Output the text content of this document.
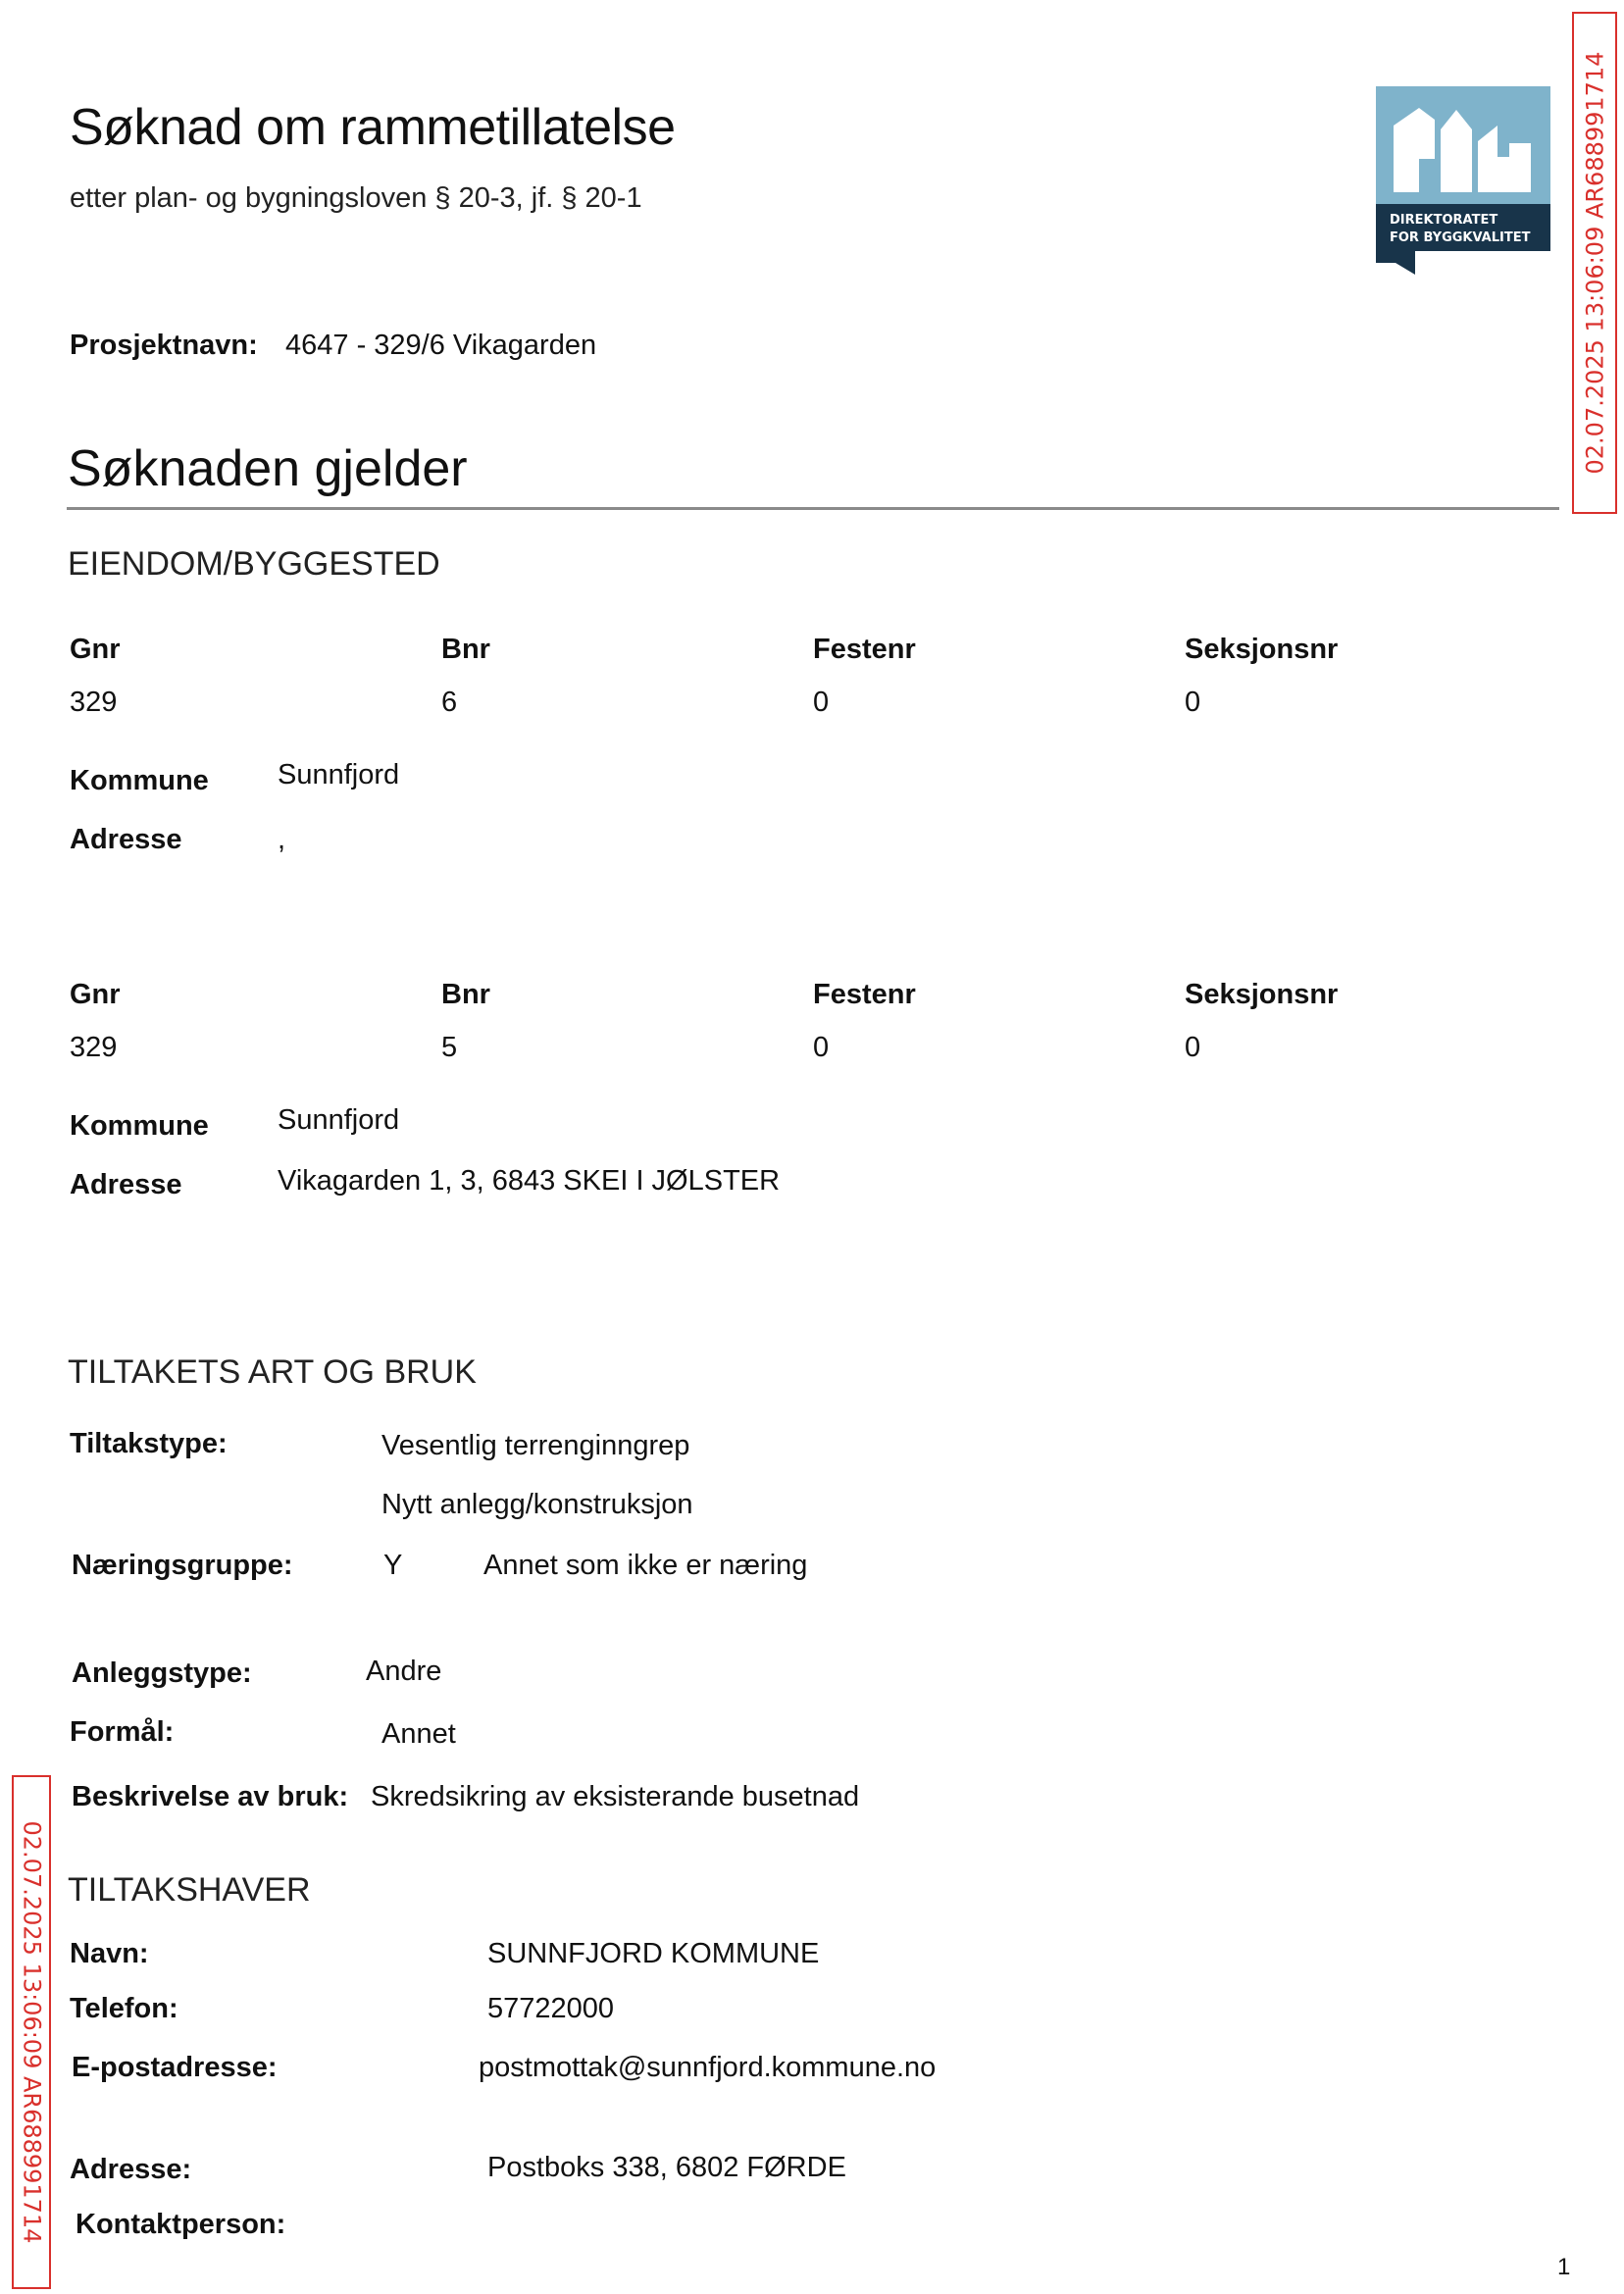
Søknad om rammetillatelse
etter plan- og bygningsloven § 20-3, jf. § 20-1
DIREKTORATET
FOR BYGGKVALITET 02.07.2025 13:06:09 AR688991714
02.07.2025 13:06:09 AR688991714
Prosjektnavn: 4647 - 329/6 Vikagarden
Søknaden gjelder
EIENDOM/BYGGESTED
Gnr	Bnr	Festenr	Seksjonsnr
329	6	0	0
Kommune Sunnfjord
Adresse	,
Gnr	Bnr	Festenr	Seksjonsnr
329	5	0	0
Kommune Sunnfjord
Adresse	Vikagarden 1, 3, 6843 SKEI I JØLSTER
TILTAKETS ART OG BRUK
Tiltakstype:	Vesentlig terrenginngrep
Nytt anlegg/konstruksjon
Næringsgruppe:	Y	Annet som ikke er næring
Anleggstype:	Andre
Formål:	Annet
Beskrivelse av bruk: Skredsikring av eksisterande busetnad
TILTAKSHAVER
Navn:	SUNNFJORD KOMMUNE
Telefon:	57722000
E-postadresse:	postmottak@sunnfjord.kommune.no
Adresse:	Postboks 338, 6802 FØRDE
Kontaktperson:
1
